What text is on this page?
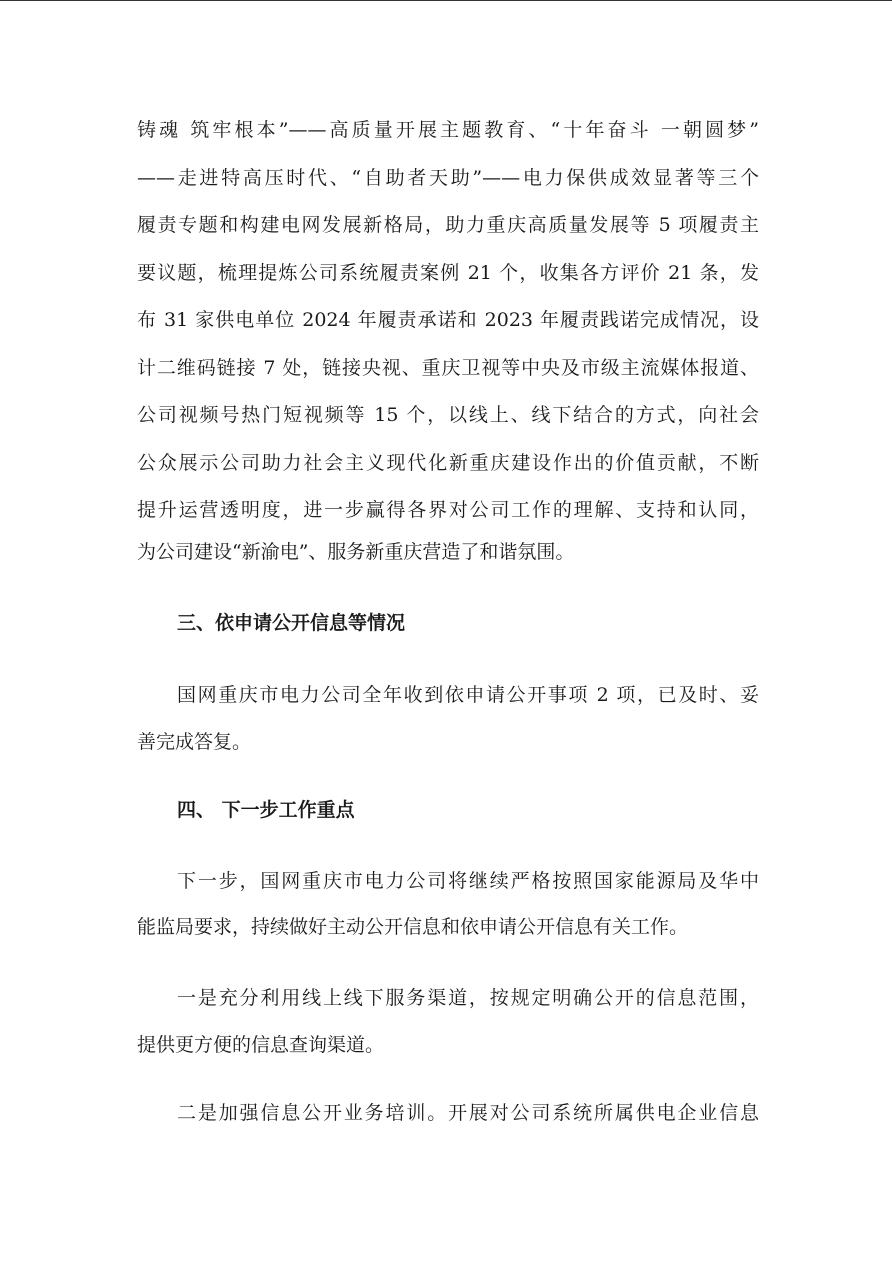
铸魂 筑牢根本”——高质量开展主题教育、“十年奋斗 一朝圆梦”
——走进特高压时代、“自助者天助”——电力保供成效显著等三个
履责专题和构建电网发展新格局，助力重庆高质量发展等 5 项履责主
要议题，梳理提炼公司系统履责案例 21 个，收集各方评价 21 条，发
布 31 家供电单位 2024 年履责承诺和 2023 年履责践诺完成情况，设
计二维码链接 7 处，链接央视、重庆卫视等中央及市级主流媒体报道、
公司视频号热门短视频等 15 个，以线上、线下结合的方式，向社会
公众展示公司助力社会主义现代化新重庆建设作出的价值贡献，不断
提升运营透明度，进一步赢得各界对公司工作的理解、支持和认同，
为公司建设“新渝电”、服务新重庆营造了和谐氛围。
三、依申请公开信息等情况
国网重庆市电力公司全年收到依申请公开事项 2 项，已及时、妥
善完成答复。
四、 下一步工作重点
下一步，国网重庆市电力公司将继续严格按照国家能源局及华中
能监局要求，持续做好主动公开信息和依申请公开信息有关工作。
一是充分利用线上线下服务渠道，按规定明确公开的信息范围，
提供更方便的信息查询渠道。
二是加强信息公开业务培训。开展对公司系统所属供电企业信息
